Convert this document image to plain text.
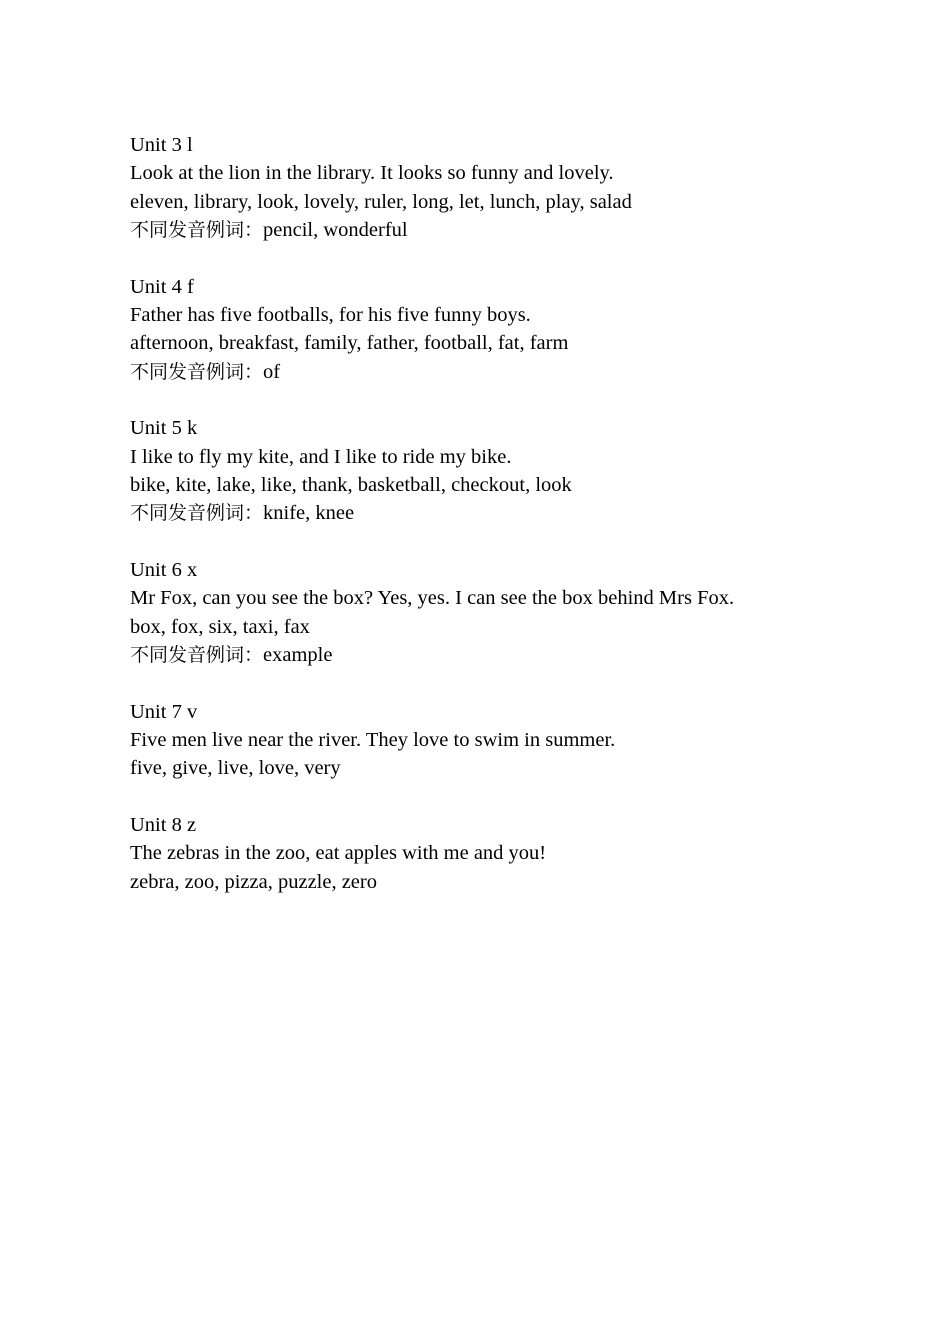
Unit 3 l
Look at the lion in the library. It looks so funny and lovely.
eleven, library, look, lovely, ruler, long, let, lunch, play, salad
不同发音例词：pencil, wonderful
Unit 4 f
Father has five footballs, for his five funny boys.
afternoon, breakfast, family, father, football, fat, farm
不同发音例词：of
Unit 5 k
I like to fly my kite, and I like to ride my bike.
bike, kite, lake, like, thank, basketball, checkout, look
不同发音例词：knife, knee
Unit 6 x
Mr Fox, can you see the box? Yes, yes. I can see the box behind Mrs Fox.
box, fox, six, taxi, fax
不同发音例词：example
Unit 7 v
Five men live near the river. They love to swim in summer.
five, give, live, love, very
Unit 8 z
The zebras in the zoo, eat apples with me and you!
zebra, zoo, pizza, puzzle, zero
